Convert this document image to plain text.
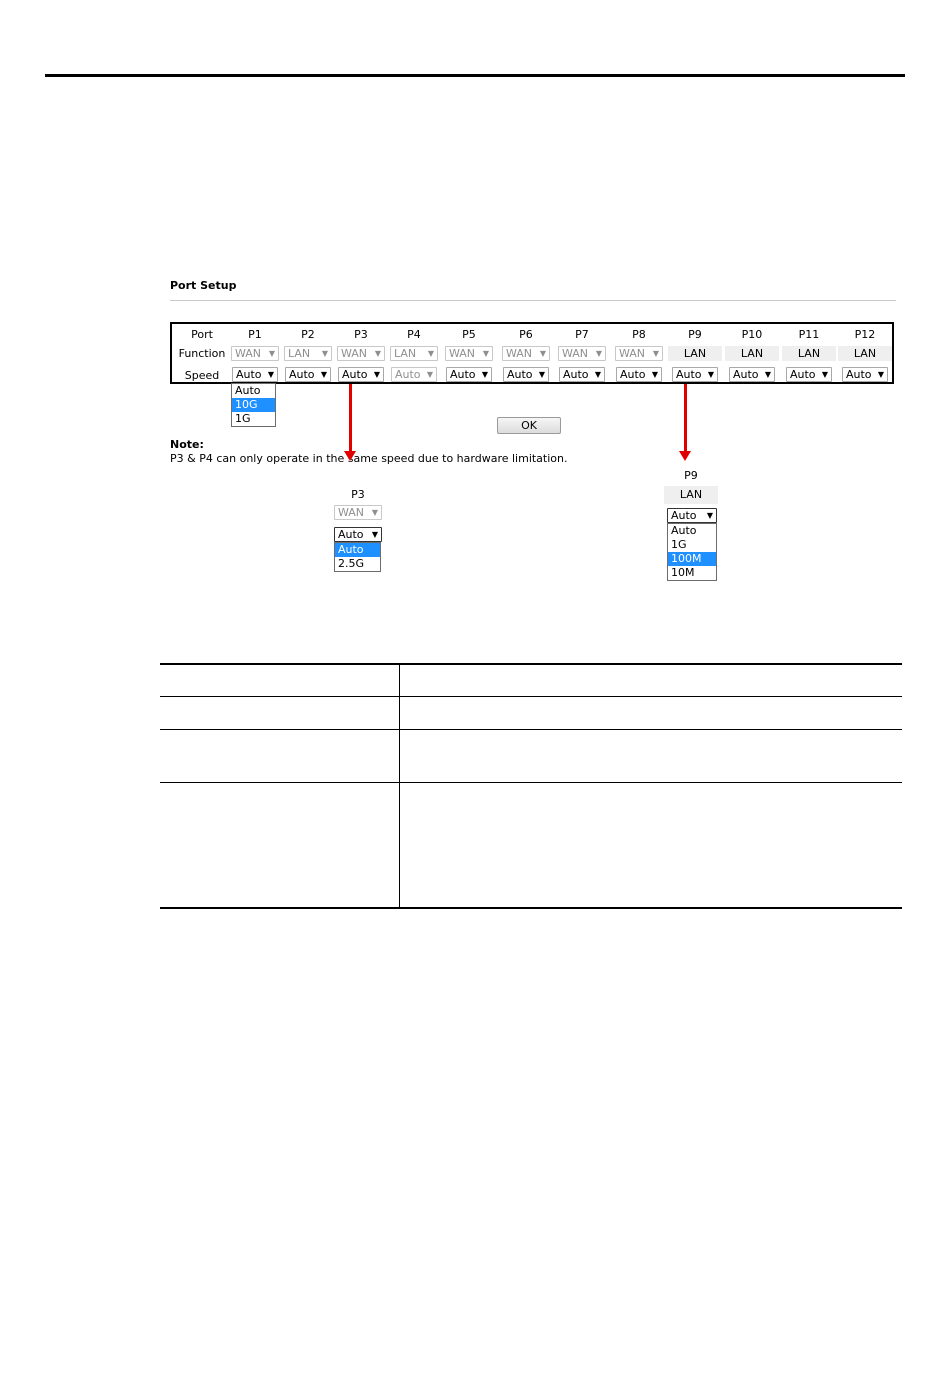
Port Setup
Port
Function
Speed
P1
WAN ▼
Auto ▼
P2
LAN ▼
Auto ▼
P3
WAN ▼
Auto ▼
P4
LAN ▼
Auto ▼
P5
WAN ▼
Auto ▼
P6
WAN ▼
Auto ▼
P7
WAN ▼
Auto ▼
P8
WAN ▼
Auto ▼
P9
LAN
Auto ▼
P10
LAN
Auto ▼
P11
LAN
Auto ▼
P12
LAN
Auto ▼
Auto
10G
1G
OK
Note:
P3 & P4 can only operate in the same speed due to hardware limitation.
P3
WAN ▼
Auto ▼
Auto
2.5G
P9
LAN
Auto ▼
Auto
1G
100M
10M
